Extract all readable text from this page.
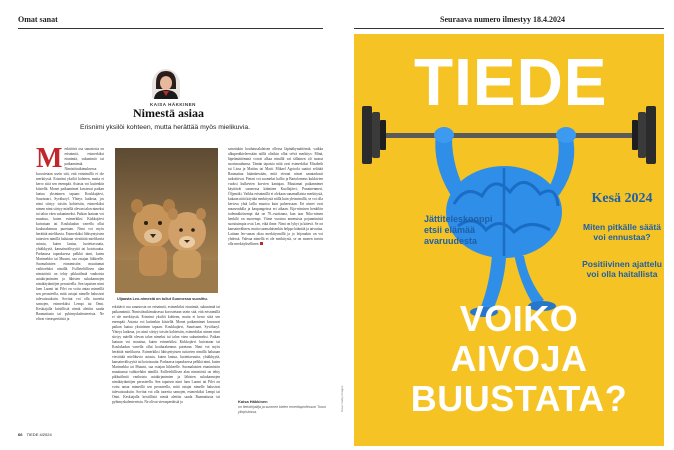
Omat sanat
KAISA HÄKKINEN
Nimestä asiaa
Erisnimi yksilöi kohteen, mutta herättää myös mielikuvia.
Merkittävä osa sanastosta on erisnimiä, esimerkiksi etunimiä, sukunimiä tai paikannimiä. Nimistötutkimuksessa korostetaan usein sitä, että erisnimillä ei ole merkitystä. Erisnimi yksilöi kohteen, mutta ei kerro siitä sen enempää. Asiasta voi kuitenkin kiistellä. Monet paikannimet kuvaavat paikan laatua yksinimen tapaan: Koukkujärvi, Suurisaari, Syväluoyl. Yhteys katkeaa, jos nimi siirtyy toisiin kohteisiin, esimerkiksi nimen nimi siirtyy mäellä olevan talon nimeksi tai talon väen sukunimeksi. Paikan laatuun voi muuttua, kuten esimerkiksi Kirkkojärvi kuivataan tai Koulukadun varrella ollut koulurakennus puretaan. Nimi voi myös herättää mielikuvia. Esimerkiksi lähisyntyisten tuttavien nimillä halutaan viestittää mielikuvia asiasta, kuten laatua, luotettavuutta, yhtäkkyytä, kansainvälisyyttä tai kotoisuutta. Parhaassa tapauksessa pelkkä nimi, kuten Marimekko tai Muumi, saa ostajan liikkeelle. Suomalaisten etunimistön muuttumat vaihtoehdot nimillä. Esilleteltillisen alan nimistöstä on tehty pikkutilmiä vanhoista asiakirjanimien ja lähisten sukukannojen nimikäytäntöjen perusteella. Sen tapaisen nimi luen Luomi tai Pilvi on voitu antaa mimeillä sen perusteella, mitä ostajat nimelle halusivat tulevaisuuksiin. Sovitut voi olla tuoreita samojen, esimerkiksi Lempi tai Onni. Keskiajalla kristillisiä nimiä alettiin saada Raamattusta tai pyhimyskalentereista. Ne olivat vieraspertäisiä ja
Uljaasta Leo-nimestä on tullut Suomessa suosittu.
sanottukin koulutusalalaisen ollessa läpinäkymättömiä, vaikka alkuperäkieleessään niillä olisikin ollut selvä merkitys: Minä, läpeämättöminä voivat alkaa nimillä vai tällainen oli tuonut suorimuuhunsa. Tämän tapaisia niitä ovat esimerkiksi Elisabeth tai Lissa ja Mattias tai Matti. Mikael Agricola saattoi selittää Raamattua kääntäessään, mitä vieraat nimet sanatarkasti tarkoittivat. Pietari voi suomeksi kallio ja Bartolomeus kukkivien vuoksi kulkevien korvien kantajaa. Muutamat paikannimet käyttävät suomessa kääntäen Kuollajärvi, Punainenmeri, Öljymäki. Vaikka erisnimillä ei olekaan sanamallaista merkitystä, kukaan niitä käyttää merkitystä niillä kuin yleisnimillä, se voi olla kertova yhtä lailla muotoa kuin puheessaan. Eri nimet ovat maaseudulla ja kaupungeissa eri aikaan. Eijo-nimisen henkilön todennäköisempi ikä on 70–vuotiaana, kun taas Niko-nimen henkilö on nuorempi. Viime vuosina annetuista pojannimistä suosituimpia ovat Leo, eikä ihme. Nimi on lyhyt ja kätevä. Se on kansainvälinen, mutta suomalaisenkin helppo kääntää ja taivuttaa. Latinan leo-sanan oliaa merkitysmillä ja jo leijonakin on voi yhdessä. Vahvaa nimellä ei ole merkitystä, se on monen tavoin olla merkityksellinen.
erkittävä osa sanastosta on erisnimiä, esimerkiksi etunimiä, sukunimiä tai paikannimiä. Nimistötutkimuksessa korostetaan usein sitä, että erisnimillä ei ole merkitystä. Erisnimi yksilöi kohteen, mutta ei kerro siitä sen enempää. Asiasta voi kuitenkin kiistellä. Monet paikannimet kuvaavat paikan laatua yksinimen tapaan: Koukkujärvi, Suurisaari, Syväluoyl. Yhteys katkeaa, jos nimi siirtyy toisiin kohteisiin, esimerkiksi nimen nimi siirtyy mäellä olevan talon nimeksi tai talon väen sukunimeksi. Paikan laatuun voi muuttua, kuten esimerkiksi Kirkkojärvi kuivataan tai Koulukadun varrella ollut koulurakennus puretaan. Nimi voi myös herättää mielikuvia. Esimerkiksi lähisyntyisten tuttavien nimillä halutaan viestittää mielikuvia asiasta, kuten laatua, luotettavuutta, yhtäkkyytä, kansainvälisyyttä tai kotoisuutta. Parhaassa tapauksessa pelkkä nimi, kuten Marimekko tai Muumi, saa ostajan liikkeelle. Suomalaisten etunimistön muuttumat vaihtoehdot nimillä. Esilleteltillisen alan nimistöstä on tehty pikkutilmiä vanhoista asiakirjanimien ja lähisten sukukannojen nimikäytäntöjen perusteella. Sen tapaisen nimi luen Luomi tai Pilvi on voitu antaa mimeillä sen perusteella, mitä ostajat nimelle halusivat tulevaisuuksiin. Sovitut voi olla tuoreita samojen, esimerkiksi Lempi tai Onni. Keskiajalla kristillisiä nimiä alettiin saada Raamattusta tai pyhimyskalentereista. Ne olivat vieraspertäisiä ja	Kaisa Häkkinen
on tietokirjailija ja suomen kielen emeritaprofessori Turun yliopistossa.
66 TIEDE 4/2024
Seuraava numero ilmestyy 18.4.2024
TIEDE
Jättiteleskooppi etsii elämää avaruudesta
Kesä 2024
Miten pitkälle säätä voi ennustaa?
Positiivinen ajattelu voi olla haitallista
VOIKO AIVOJA BUUSTATA?
Kuva: Getty Images
